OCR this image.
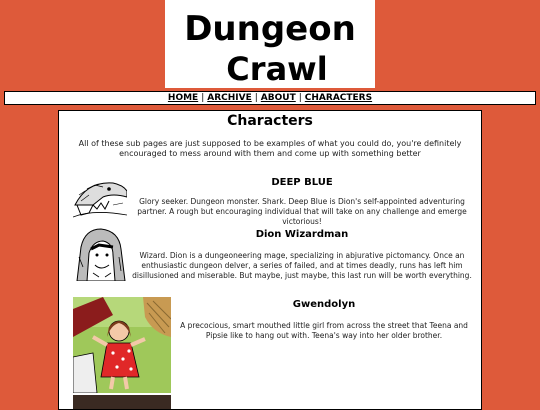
Dungeon
Crawl
HOME | ARCHIVE | ABOUT | CHARACTERS
Characters
All of these sub pages are just supposed to be examples of what you could do, you're definitely encouraged to mess around with them and come up with something better
DEEP BLUE
Glory seeker. Dungeon monster. Shark. Deep Blue is Dion's self-appointed adventuring partner. A rough but encouraging individual that will take on any challenge and emerge victorious!
Dion Wizardman
Wizard. Dion is a dungeoneering mage, specializing in abjurative pictomancy. Once an enthusiastic dungeon delver, a series of failed, and at times deadly, runs has left him disillusioned and miserable. But maybe, just maybe, this last run will be worth everything.
Gwendolyn
A precocious, smart mouthed little girl from across the street that Teena and Pipsie like to hang out with. Teena's way into her older brother.
